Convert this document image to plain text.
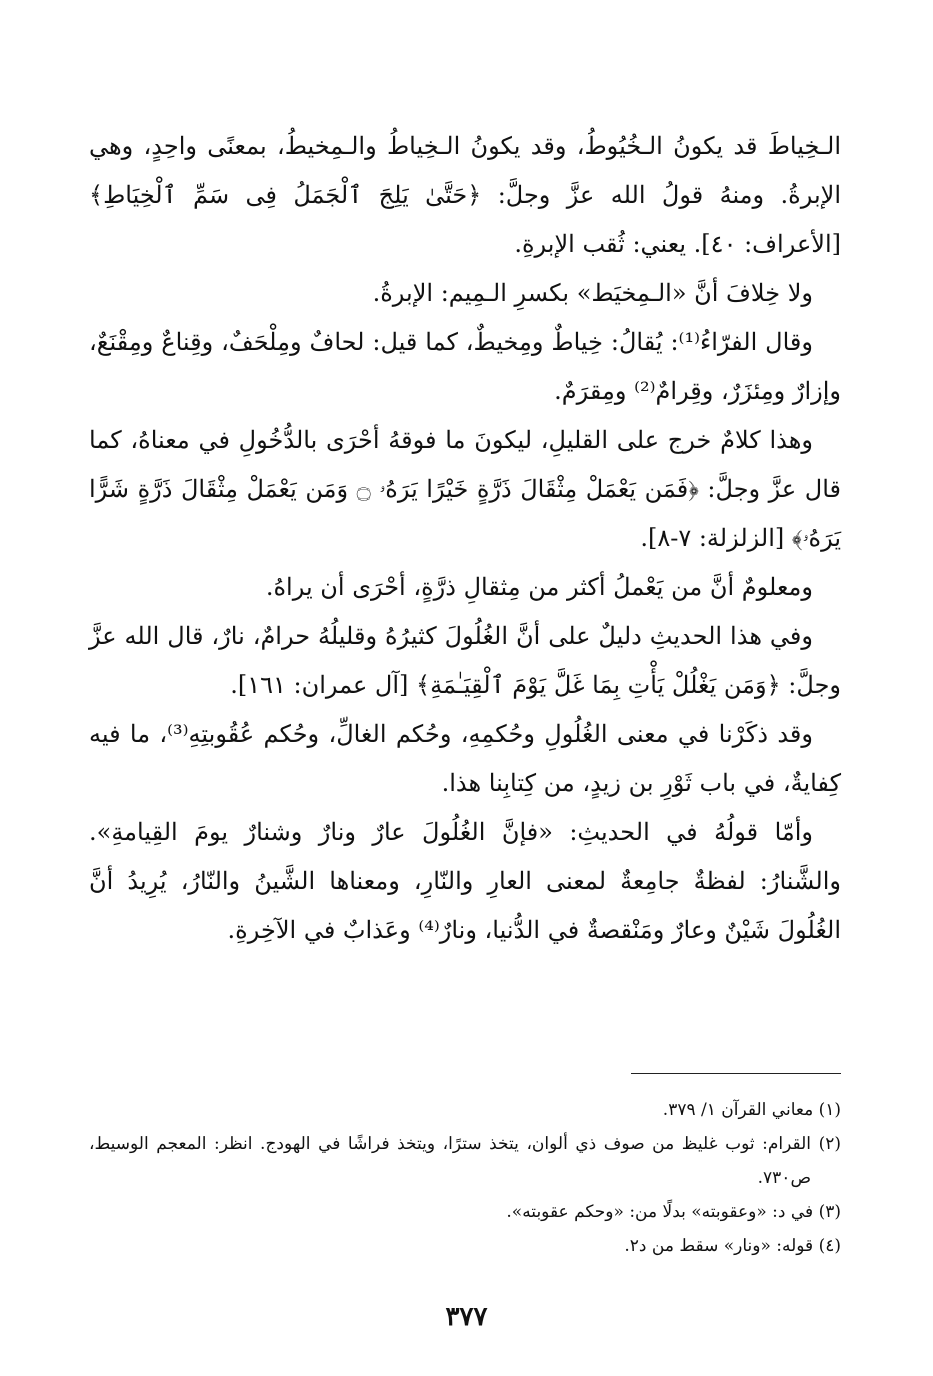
الـخِياطَ قد يكونُ الـخُيُوطُ، وقد يكونُ الـخِياطُ والـمِخيطُ، بمعنًى واحِدٍ، وهي الإبرةُ. ومنهُ قولُ الله عزَّ وجلَّ: ﴿حَتَّىٰ يَلِجَ ٱلْجَمَلُ فِى سَمِّ ٱلْخِيَاطِ﴾ [الأعراف: ٤٠]. يعني: ثُقب الإبرةِ.

ولا خِلافَ أنَّ «الـمِخيَط» بكسرِ الـمِيم: الإبرةُ.

وقال الفرّاءُ⁽¹⁾: يُقالُ: خِياطٌ ومِخيطٌ، كما قيل: لحافٌ ومِلْحَفٌ، وقِناعٌ ومِقْنَعٌ، وإزارٌ ومِئزَرٌ، وقِرامٌ⁽²⁾ ومِقرَمٌ.

وهذا كلامٌ خرج على القليلِ، ليكونَ ما فوقهُ أحْرَى بالدُّخُولِ في معناهُ، كما قال عزَّ وجلَّ: ﴿فَمَن يَعْمَلْ مِثْقَالَ ذَرَّةٍ خَيْرًا يَرَهُۥ ۝ وَمَن يَعْمَلْ مِثْقَالَ ذَرَّةٍ شَرًّا يَرَهُۥ﴾ [الزلزلة: ٧-٨].

ومعلومٌ أنَّ من يَعْملُ أكثر من مِثقالِ ذرَّةٍ، أحْرَى أن يراهُ.

وفي هذا الحديثِ دليلٌ على أنَّ الغُلُولَ كثيرُهُ وقليلُهُ حرامٌ، نارٌ، قال الله عزَّ وجلَّ: ﴿وَمَن يَغْلُلْ يَأْتِ بِمَا غَلَّ يَوْمَ ٱلْقِيَـٰمَةِ﴾ [آل عمران: ١٦١].

وقد ذكَرْنا في معنى الغُلُولِ وحُكمِهِ، وحُكم الغالِّ، وحُكم عُقُوبتِهِ⁽³⁾، ما فيه كِفايةٌ، في باب ثَوْرِ بن زيدٍ، من كِتابِنا هذا.

وأمّا قولُهُ في الحديثِ: «فإنَّ الغُلُولَ عارٌ ونارٌ وشنارٌ يومَ القِيامةِ». والشَّنارُ: لفظةٌ جامِعةٌ لمعنى العارِ والنّارِ، ومعناها الشَّينُ والنّارُ، يُرِيدُ أنَّ الغُلُولَ شَيْنٌ وعارٌ ومَنْقصةٌ في الدُّنيا، ونارٌ⁽⁴⁾ وعَذابٌ في الآخِرةِ.

(١) معاني القرآن ١/ ٣٧٩.

(٢) القرام: ثوب غليظ من صوف ذي ألوان، يتخذ سترًا، ويتخذ فراشًا في الهودج. انظر: المعجم الوسيط، ص٧٣٠.

(٣) في د: «وعقوبته» بدلًا من: «وحكم عقوبته».

(٤) قوله: «ونار» سقط من د٢.

٣٧٧
